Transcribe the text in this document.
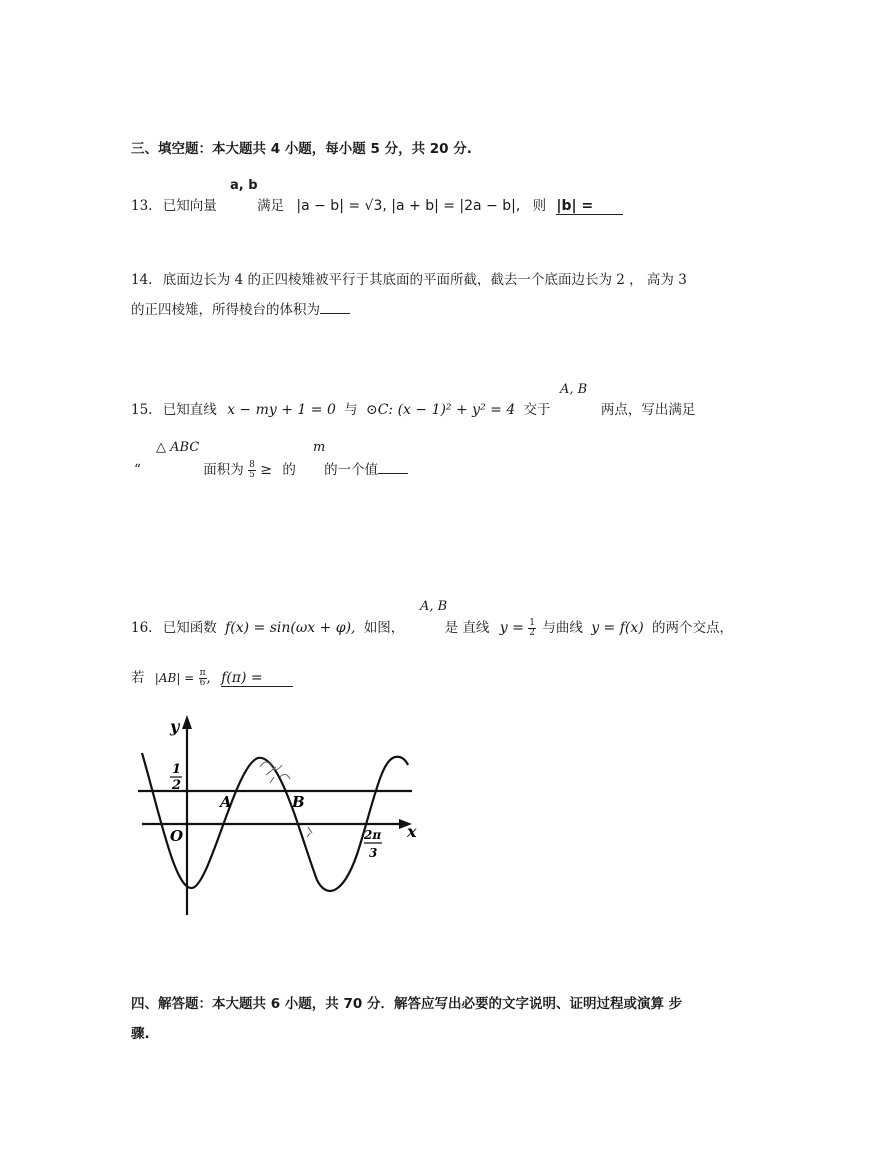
三、填空题：本大题共 4 小题，每小题 5 分，共 20 分.
a, b
13. 已知向量	满足 |a − b| = √3, |a + b| = |2a − b|, 则 |b| =
14. 底面边长为 4 的正四棱雉被平行于其底面的平面所截，截去一个底面边长为 2 ， 高为 3
的正四棱雉，所得棱台的体积为
A, B
15. 已知直线 x − my + 1 = 0 与 ⊙C: (x − 1)² + y² = 4 交于	两点，写出满足
△ ABC	m
“	面积为 $\frac{8}{5}$ ≥ 的 的一个值
A, B
16. 已知函数 f(x) = sin(ωx + φ), 如图，	是 直线 $y = \frac{1}{2}$ 与曲线 y = f(x) 的两个交点，
若 $|AB| = \frac{\pi}{6}$ , f(π) =
y
x
O
1
2
A	B
2π
3
四、解答题：本大题共 6 小题，共 70 分．解答应写出必要的文字说明、证明过程或演算 步
骤.
